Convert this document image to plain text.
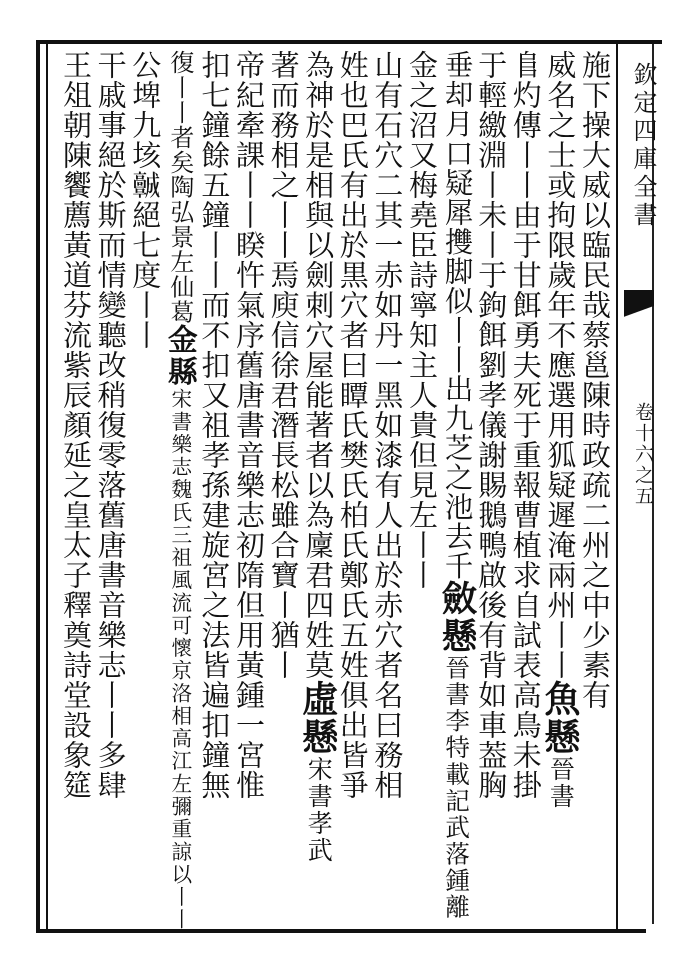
欽定四庫全書
卷十六之五
施下操大威以臨民哉蔡邕陳時政疏二州之中少素有
威名之士或拘限歲年不應選用狐疑遲淹兩州丨丨
魚懸
晉書
𨸏灼傳丨丨由于甘餌勇夫死于重報曹植求自試表高鳥未掛
于輕繳淵丨未丨于鉤餌劉孝儀謝賜鵝鴨啟後有背如車葢胸
垂却月口疑犀㩳脚似丨丨出九芝之池去千
斂懸
晉書李特載記武落鍾離
金之沼又梅堯臣詩寧知主人貴但見左丨丨
山有石穴二其一赤如丹一黑如漆有人出於赤穴者名曰務相
姓也巴氏有出於黒穴者曰瞫氏樊氏柏氏鄭氏五姓俱出皆爭
為神於是相與以劍刺穴屋能著者以為廩君四姓莫
虛懸
宋書孝武
著而務相之丨丨焉庾信徐君潛長松雖合寶丨猶丨
帝紀牽課丨丨睽忤氣序舊唐書音樂志初隋但用黃鍾一宮惟
扣七鐘餘五鐘丨丨而不扣又祖孝孫建旋宮之法皆遍扣鐘無
復丨丨者矣陶弘景左仙葛
金縣
宋書樂志魏氏三祖風流可懷京洛相高江左彌重諒以丨丨
公埤九垓𩫨絕七度丨丨
干戚事絕於斯而情變聽改稍復零落舊唐書音樂志丨丨多肆
王俎朝陳饗薦黃道芬流紫辰顏延之皇太子釋奠詩堂設象筵
